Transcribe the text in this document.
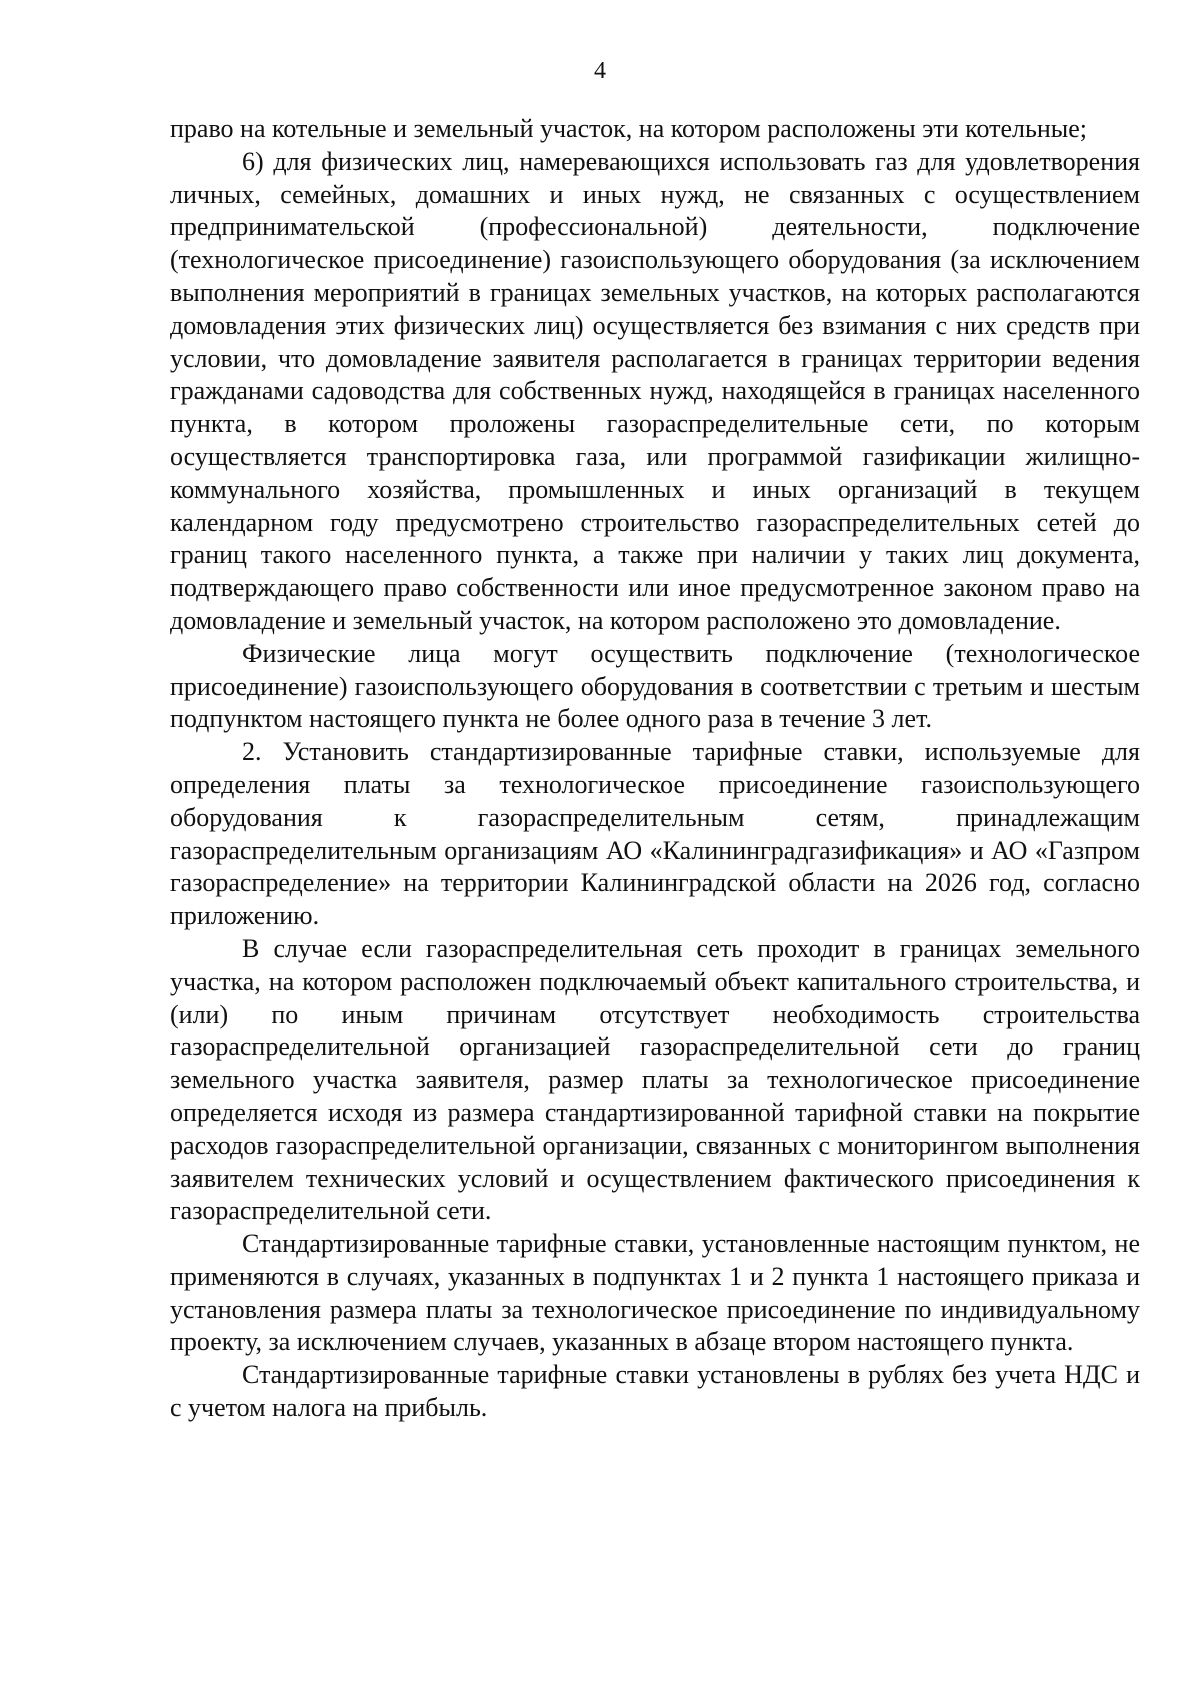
4

право на котельные и земельный участок, на котором расположены эти котельные;

6) для физических лиц, намеревающихся использовать газ для удовлетворения личных, семейных, домашних и иных нужд, не связанных с осуществлением предпринимательской (профессиональной) деятельности, подключение (технологическое присоединение) газоиспользующего оборудования (за исключением выполнения мероприятий в границах земельных участков, на которых располагаются домовладения этих физических лиц) осуществляется без взимания с них средств при условии, что домовладение заявителя располагается в границах территории ведения гражданами садоводства для собственных нужд, находящейся в границах населенного пункта, в котором проложены газораспределительные сети, по которым осуществляется транспортировка газа, или программой газификации жилищно-коммунального хозяйства, промышленных и иных организаций в текущем календарном году предусмотрено строительство газораспределительных сетей до границ такого населенного пункта, а также при наличии у таких лиц документа, подтверждающего право собственности или иное предусмотренное законом право на домовладение и земельный участок, на котором расположено это домовладение.

Физические лица могут осуществить подключение (технологическое присоединение) газоиспользующего оборудования в соответствии с третьим и шестым подпунктом настоящего пункта не более одного раза в течение 3 лет.

2. Установить стандартизированные тарифные ставки, используемые для определения платы за технологическое присоединение газоиспользующего оборудования к газораспределительным сетям, принадлежащим газораспределительным организациям АО «Калининградгазификация» и АО «Газпром газораспределение» на территории Калининградской области на 2026 год, согласно приложению.

В случае если газораспределительная сеть проходит в границах земельного участка, на котором расположен подключаемый объект капитального строительства, и (или) по иным причинам отсутствует необходимость строительства газораспределительной организацией газораспределительной сети до границ земельного участка заявителя, размер платы за технологическое присоединение определяется исходя из размера стандартизированной тарифной ставки на покрытие расходов газораспределительной организации, связанных с мониторингом выполнения заявителем технических условий и осуществлением фактического присоединения к газораспределительной сети.

Стандартизированные тарифные ставки, установленные настоящим пунктом, не применяются в случаях, указанных в подпунктах 1 и 2 пункта 1 настоящего приказа и установления размера платы за технологическое присоединение по индивидуальному проекту, за исключением случаев, указанных в абзаце втором настоящего пункта.

Стандартизированные тарифные ставки установлены в рублях без учета НДС и с учетом налога на прибыль.
